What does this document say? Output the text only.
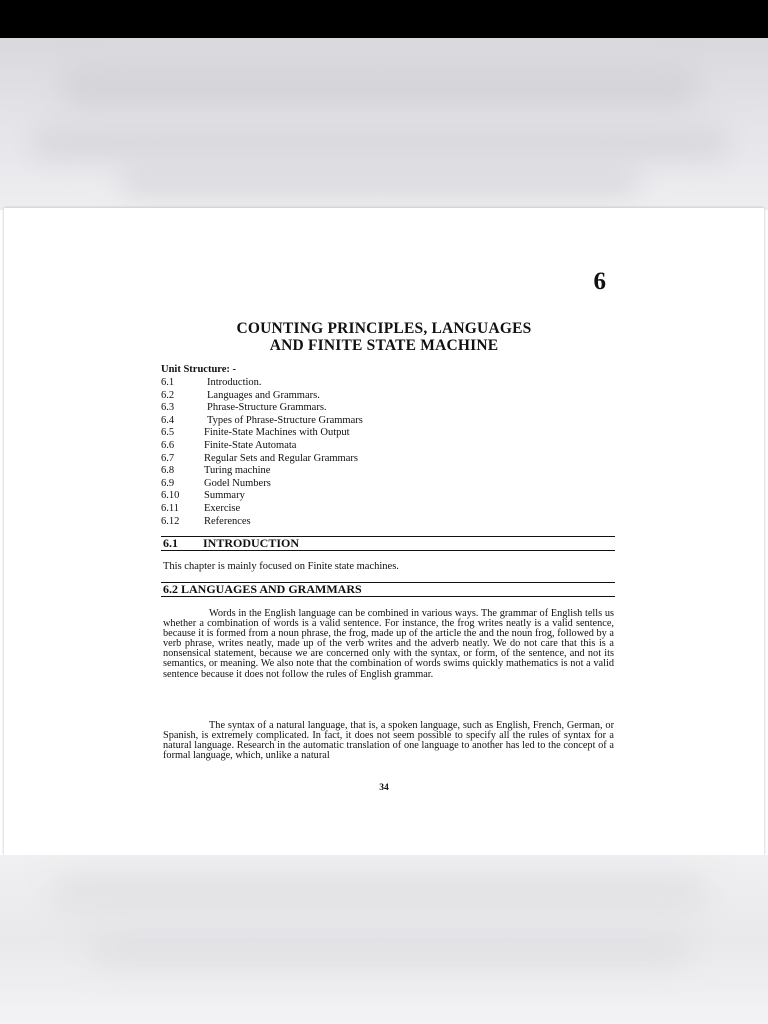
6
COUNTING PRINCIPLES, LANGUAGES
AND FINITE STATE MACHINE
Unit Structure: -
6.1	Introduction.
6.2	Languages and Grammars.
6.3	Phrase-Structure Grammars.
6.4	Types of Phrase-Structure Grammars
6.5	Finite-State Machines with Output
6.6	Finite-State Automata
6.7	Regular Sets and Regular Grammars
6.8	Turing machine
6.9	Godel Numbers
6.10	Summary
6.11	Exercise
6.12	References
6.1 INTRODUCTION
This chapter is mainly focused on Finite state machines.
6.2 LANGUAGES AND GRAMMARS
Words in the English language can be combined in various ways. The grammar of English tells us whether a combination of words is a valid sentence. For instance, the frog writes neatly is a valid sentence, because it is formed from a noun phrase, the frog, made up of the article the and the noun frog, followed by a verb phrase, writes neatly, made up of the verb writes and the adverb neatly. We do not care that this is a nonsensical statement, because we are concerned only with the syntax, or form, of the sentence, and not its semantics, or meaning. We also note that the combination of words swims quickly mathematics is not a valid sentence because it does not follow the rules of English grammar.
The syntax of a natural language, that is, a spoken language, such as English, French, German, or Spanish, is extremely complicated. In fact, it does not seem possible to specify all the rules of syntax for a natural language. Research in the automatic translation of one language to another has led to the concept of a formal language, which, unlike a natural
34
